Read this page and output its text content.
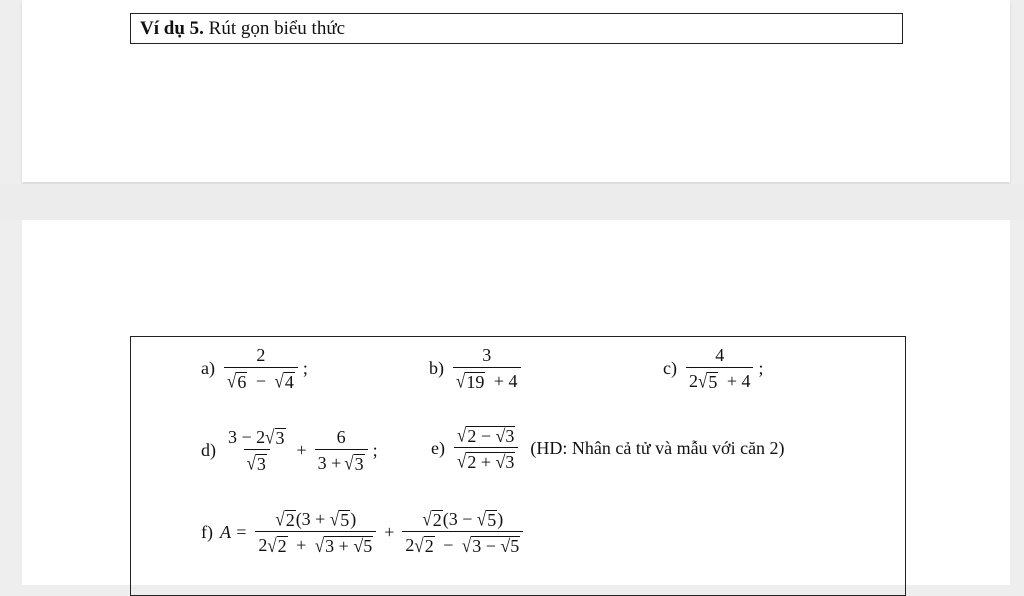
Ví dụ 5. Rút gọn biểu thức
$a) \frac{2}{√ 6 - √ 4}$ ;	$b) \frac{3}{√ 19 + 4}$	$c) \frac{4}{2 √ 5 + 4}$ ;
$d) \frac{3 - 2 √ 3}{√ 3} + \frac{6}{3 + √ 3}$ ;	$e) \frac{√ 2 - √3}{√ 2 + √3} (HD$: Nhân cả tử và mẫu với căn 2)
f) $A = \frac{√ 2 (3 + √ 5 )}{2 √ 2 + √ 3 + √5} + \frac{√ 2 (3 - √ 5 )}{2 √ 2 - √ 3 - √5}$
